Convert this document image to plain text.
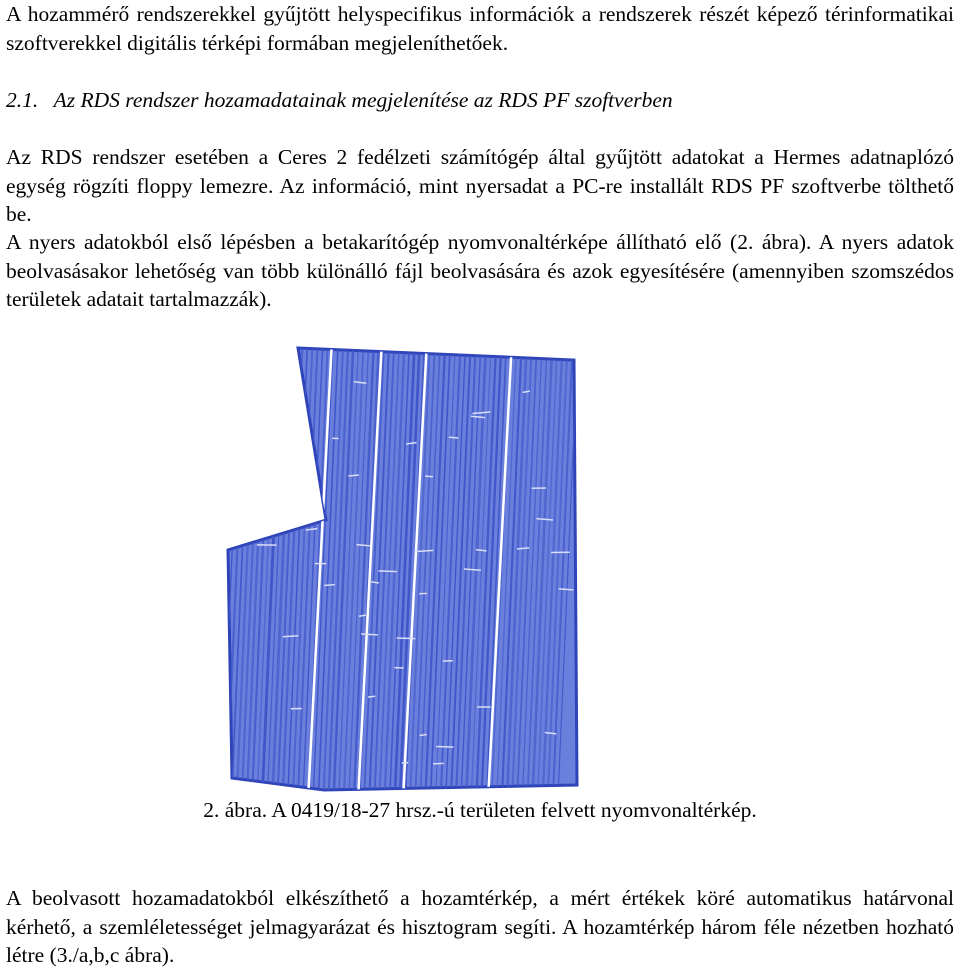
A hozammérő rendszerekkel gyűjtött helyspecifikus információk a rendszerek részét képező térinformatikai szoftverekkel digitális térképi formában megjeleníthetőek.

2.1. Az RDS rendszer hozamadatainak megjelenítése az RDS PF szoftverben

Az RDS rendszer esetében a Ceres 2 fedélzeti számítógép által gyűjtött adatokat a Hermes adatnaplózó egység rögzíti floppy lemezre. Az információ, mint nyersadat a PC-re installált RDS PF szoftverbe tölthető be.

A nyers adatokból első lépésben a betakarítógép nyomvonaltérképe állítható elő (2. ábra). A nyers adatok beolvasásakor lehetőség van több különálló fájl beolvasására és azok egyesítésére (amennyiben szomszédos területek adatait tartalmazzák).

2. ábra. A 0419/18-27 hrsz.-ú területen felvett nyomvonaltérkép.

A beolvasott hozamadatokból elkészíthető a hozamtérkép, a mért értékek köré automatikus határvonal kérhető, a szemléletességet jelmagyarázat és hisztogram segíti. A hozamtérkép három féle nézetben hozható létre (3./a,b,c ábra).
